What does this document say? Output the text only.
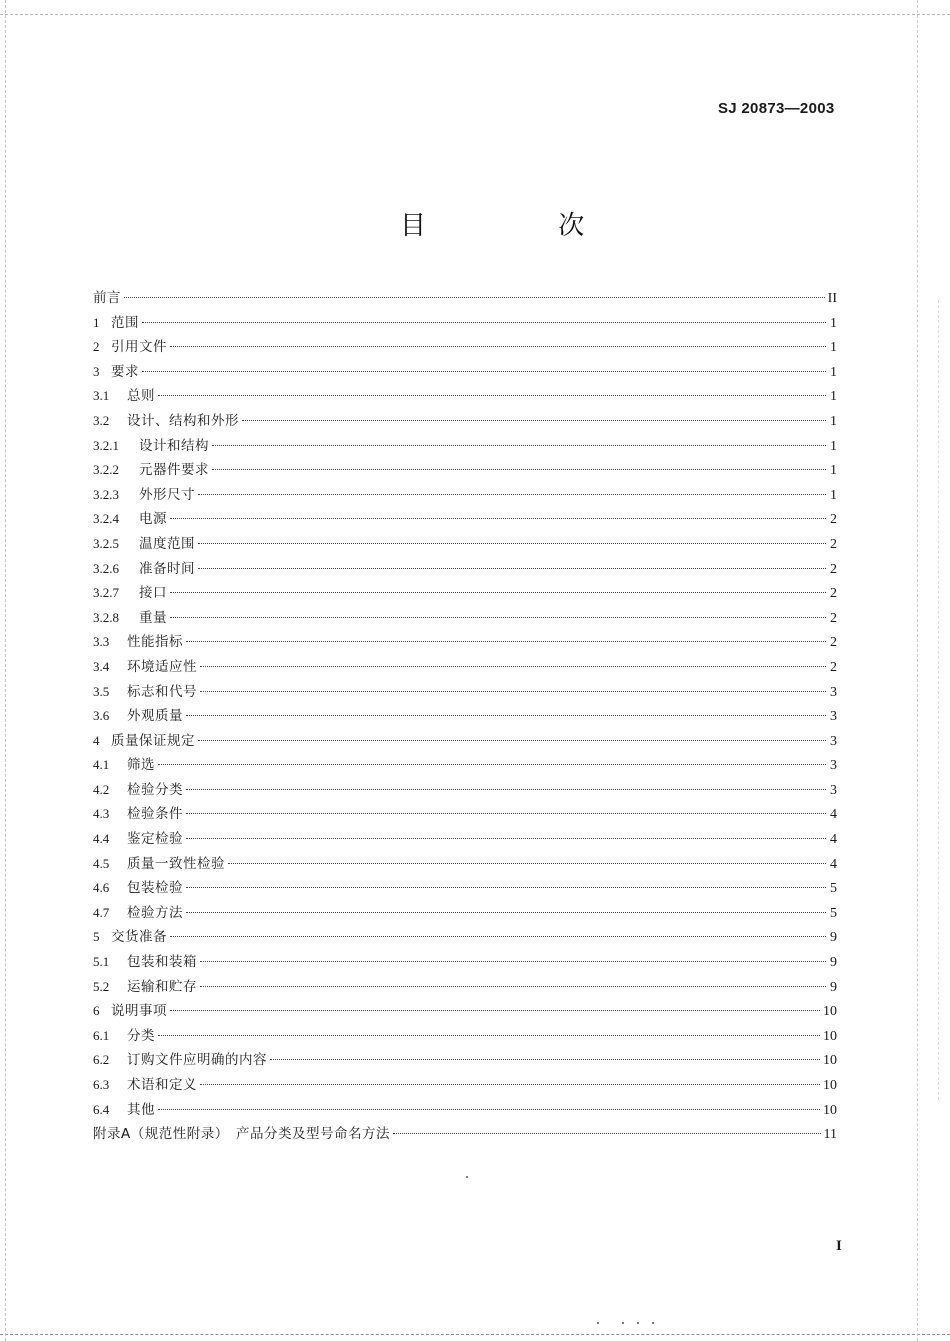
SJ 20873—2003
目 次
前言	II
1 范围	1
2 引用文件	1
3 要求	1
3.1	总则	1
3.2	设计、结构和外形	1
3.2.1	设计和结构	1
3.2.2	元器件要求	1
3.2.3	外形尺寸	1
3.2.4	电源	2
3.2.5	温度范围	2
3.2.6	准备时间	2
3.2.7	接口	2
3.2.8	重量	2
3.3	性能指标	2
3.4	环境适应性	2
3.5	标志和代号	3
3.6	外观质量	3
4 质量保证规定	3
4.1	筛选	3
4.2	检验分类	3
4.3	检验条件	4
4.4	鉴定检验	4
4.5	质量一致性检验	4
4.6	包装检验	5
4.7	检验方法	5
5 交货准备	9
5.1	包装和装箱	9
5.2	运输和贮存	9
6 说明事项	10
6.1	分类	10
6.2	订购文件应明确的内容	10
6.3	术语和定义	10
6.4	其他	10
附录A（规范性附录）　产品分类及型号命名方法	11
I
